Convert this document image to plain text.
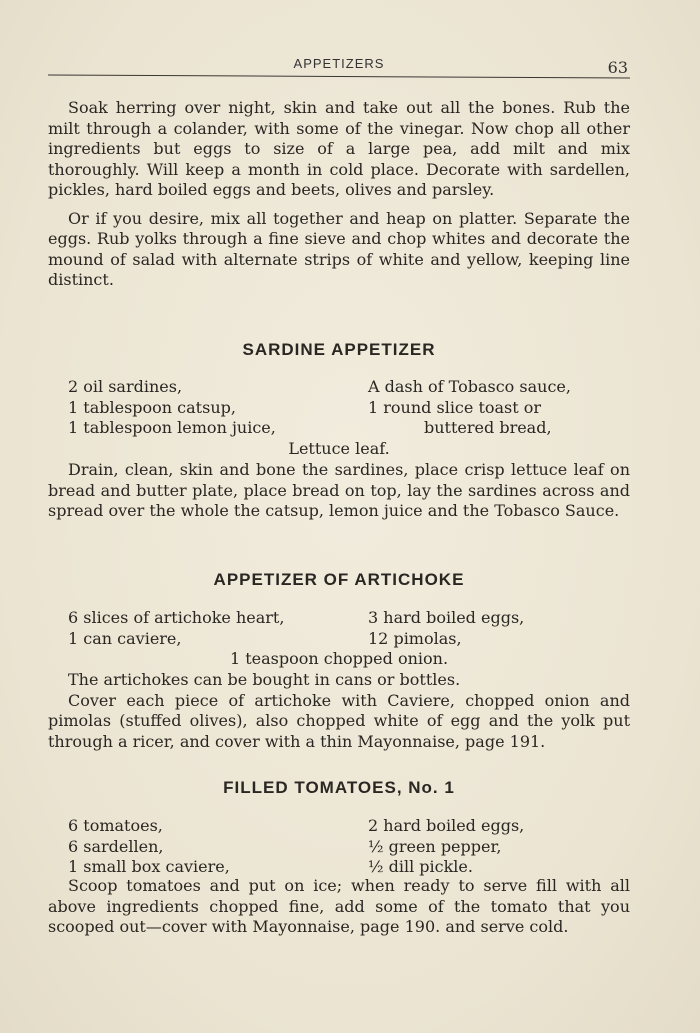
APPETIZERS	63

Soak herring over night, skin and take out all the bones. Rub the milt through a colander, with some of the vinegar. Now chop all other ingredients but eggs to size of a large pea, add milt and mix thoroughly. Will keep a month in cold place. Decorate with sardellen, pickles, hard boiled eggs and beets, olives and parsley.

Or if you desire, mix all together and heap on platter. Separate the eggs. Rub yolks through a fine sieve and chop whites and decorate the mound of salad with alternate strips of white and yellow, keeping line distinct.

SARDINE APPETIZER
2 oil sardines,	A dash of Tobasco sauce,
1 tablespoon catsup,	1 round slice toast or
1 tablespoon lemon juice,	buttered bread,
Lettuce leaf.

Drain, clean, skin and bone the sardines, place crisp lettuce leaf on bread and butter plate, place bread on top, lay the sardines across and spread over the whole the catsup, lemon juice and the Tobasco Sauce.

APPETIZER OF ARTICHOKE
6 slices of artichoke heart,	3 hard boiled eggs,
1 can caviere,	12 pimolas,
1 teaspoon chopped onion.

The artichokes can be bought in cans or bottles.

Cover each piece of artichoke with Caviere, chopped onion and pimolas (stuffed olives), also chopped white of egg and the yolk put through a ricer, and cover with a thin Mayonnaise, page 191.

FILLED TOMATOES, No. 1
6 tomatoes,	2 hard boiled eggs,
6 sardellen,	½ green pepper,
1 small box caviere,	½ dill pickle.

Scoop tomatoes and put on ice; when ready to serve fill with all above ingredients chopped fine, add some of the tomato that you scooped out—cover with Mayonnaise, page 190. and serve cold.
